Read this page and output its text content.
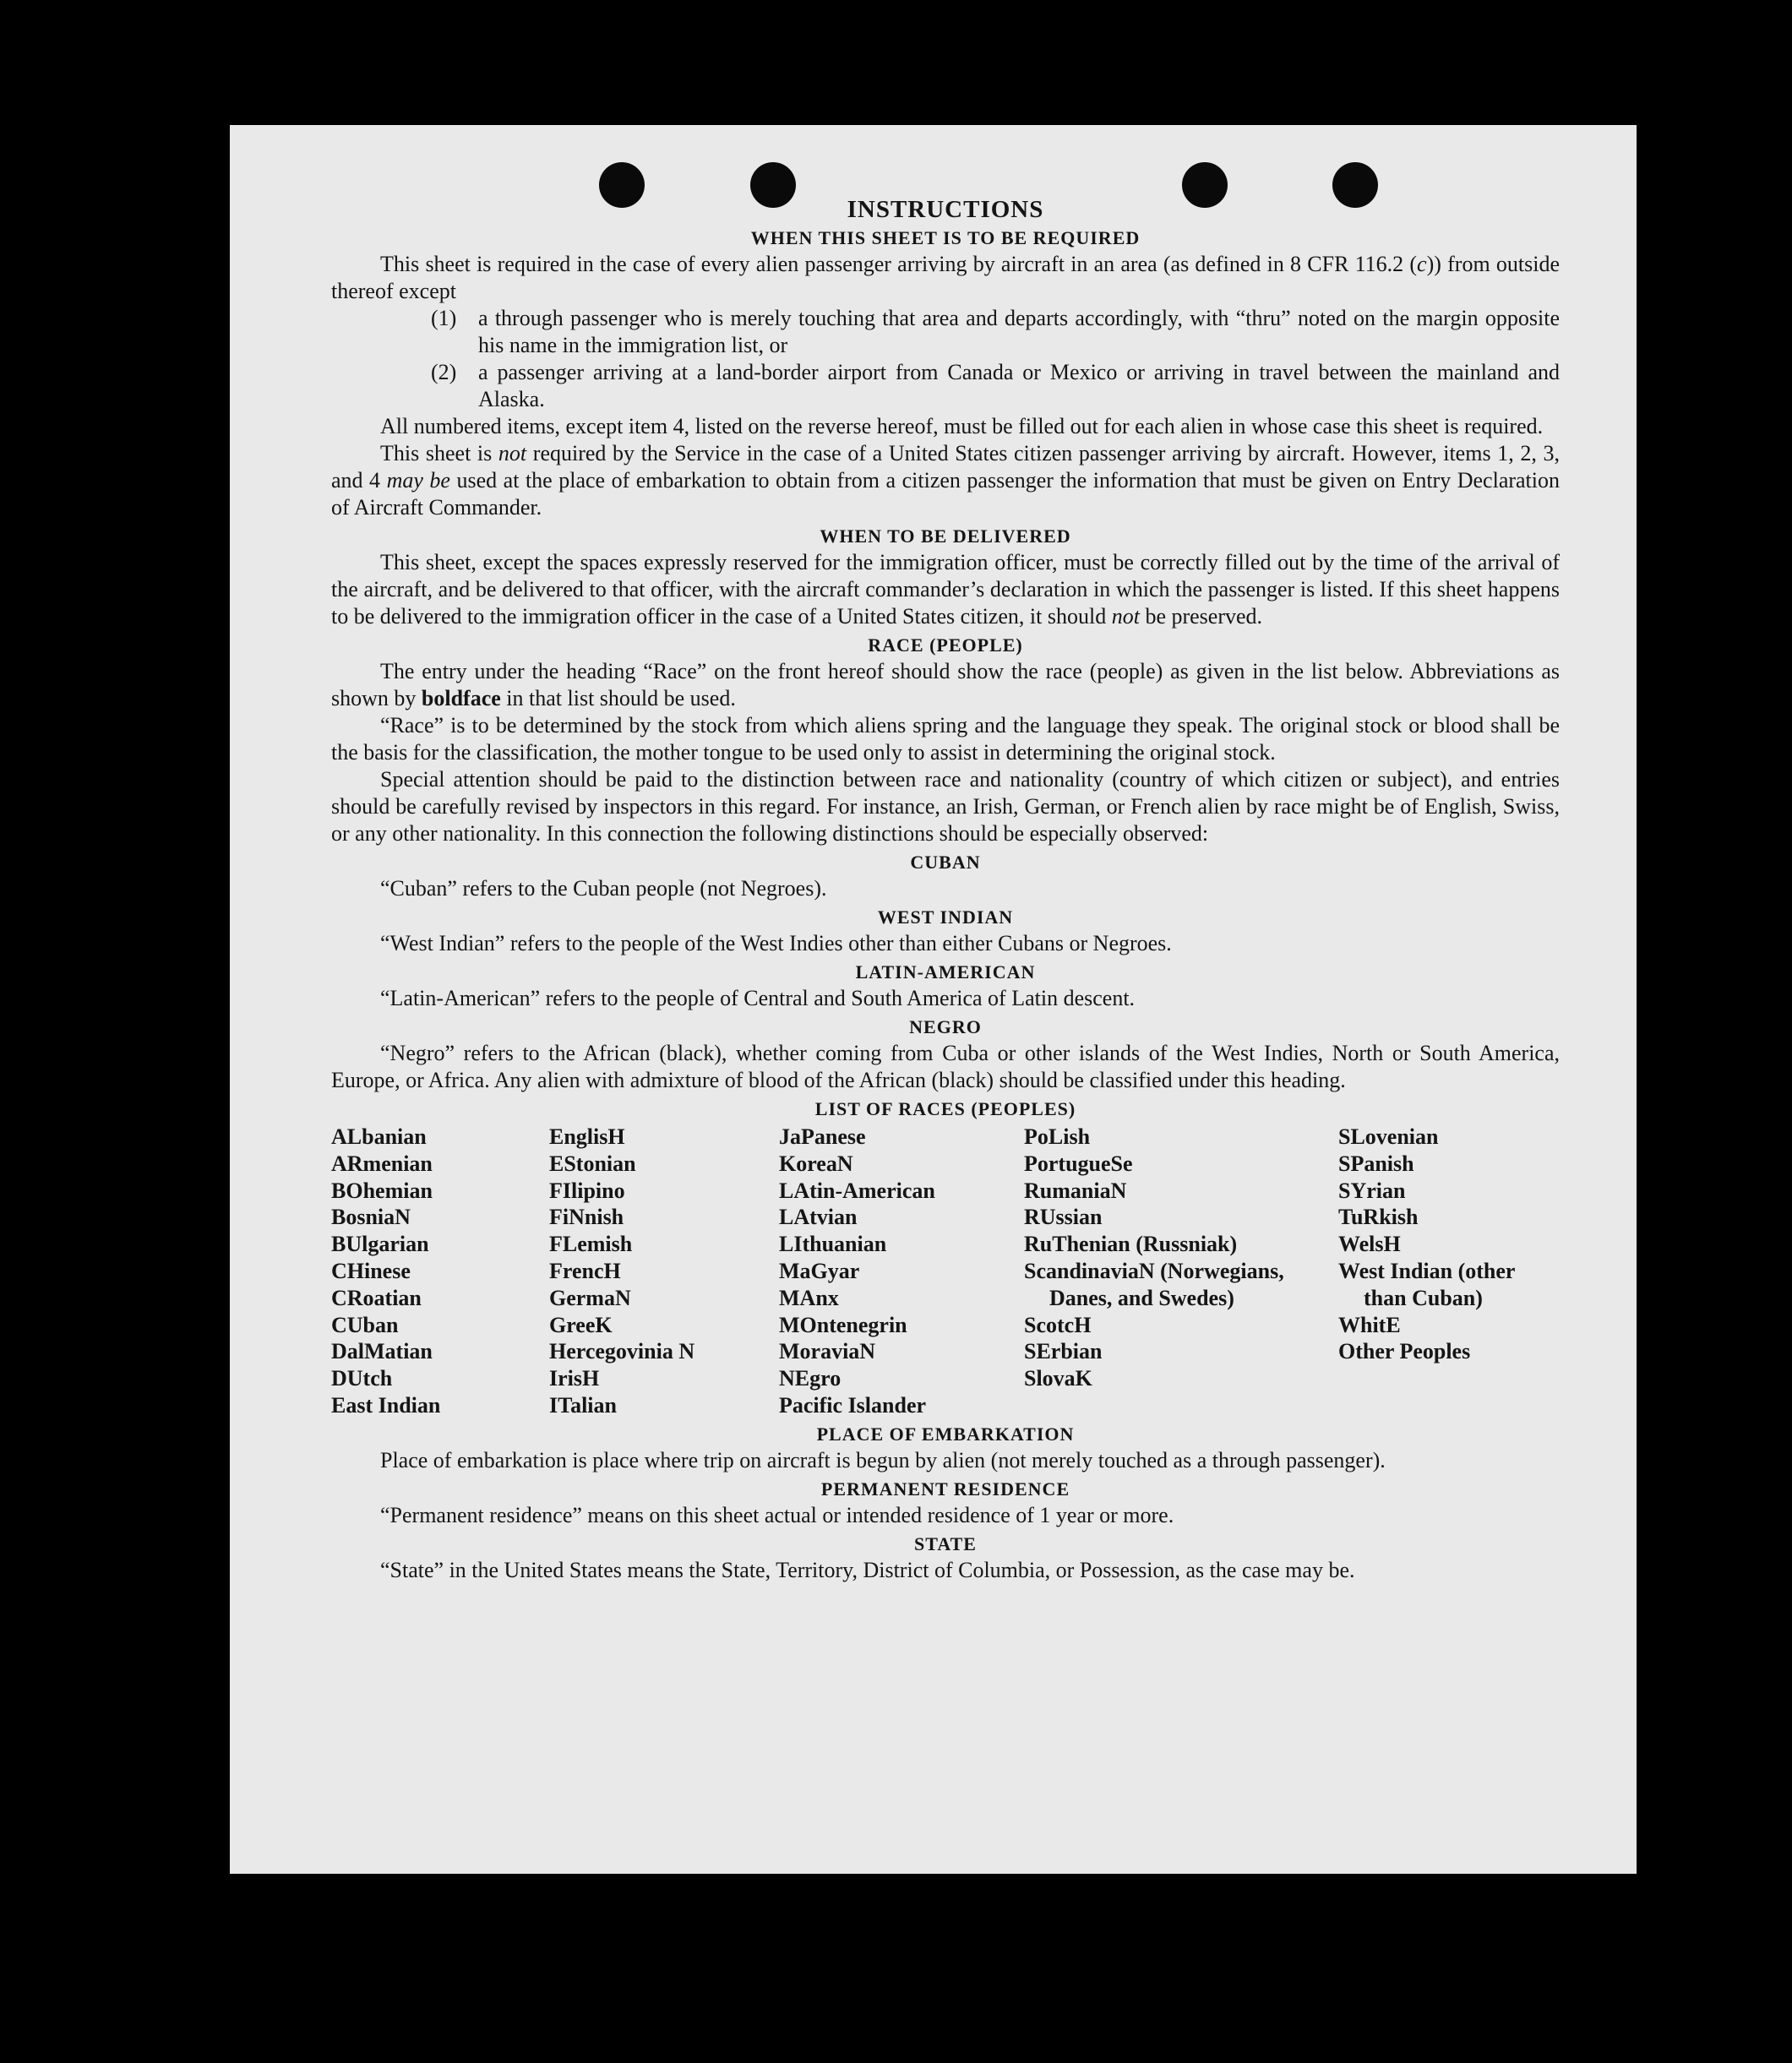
INSTRUCTIONS
WHEN THIS SHEET IS TO BE REQUIRED

This sheet is required in the case of every alien passenger arriving by aircraft in an area (as defined in 8 CFR 116.2 (c)) from outside thereof except

(1) a through passenger who is merely touching that area and departs accordingly, with “thru” noted on the margin opposite his name in the immigration list, or
(2) a passenger arriving at a land-border airport from Canada or Mexico or arriving in travel between the mainland and Alaska.

All numbered items, except item 4, listed on the reverse hereof, must be filled out for each alien in whose case this sheet is required.

This sheet is not required by the Service in the case of a United States citizen passenger arriving by aircraft. However, items 1, 2, 3, and 4 may be used at the place of embarkation to obtain from a citizen passenger the information that must be given on Entry Declaration of Aircraft Commander.

WHEN TO BE DELIVERED

This sheet, except the spaces expressly reserved for the immigration officer, must be correctly filled out by the time of the arrival of the aircraft, and be delivered to that officer, with the aircraft commander’s declaration in which the passenger is listed. If this sheet happens to be delivered to the immigration officer in the case of a United States citizen, it should not be preserved.

RACE (PEOPLE)

The entry under the heading “Race” on the front hereof should show the race (people) as given in the list below. Abbreviations as shown by boldface in that list should be used.

“Race” is to be determined by the stock from which aliens spring and the language they speak. The original stock or blood shall be the basis for the classification, the mother tongue to be used only to assist in determining the original stock.

Special attention should be paid to the distinction between race and nationality (country of which citizen or subject), and entries should be carefully revised by inspectors in this regard. For instance, an Irish, German, or French alien by race might be of English, Swiss, or any other nationality. In this connection the following distinctions should be especially observed:

CUBAN

“Cuban” refers to the Cuban people (not Negroes).

WEST INDIAN

“West Indian” refers to the people of the West Indies other than either Cubans or Negroes.

LATIN-AMERICAN

“Latin-American” refers to the people of Central and South America of Latin descent.

NEGRO

“Negro” refers to the African (black), whether coming from Cuba or other islands of the West Indies, North or South America, Europe, or Africa. Any alien with admixture of blood of the African (black) should be classified under this heading.

LIST OF RACES (PEOPLES)
ALbanian
ARmenian
BOhemian
BosniaN
BUlgarian
CHinese
CRoatian
CUban
DalMatian
DUtch
East Indian
EnglisH
EStonian
FIlipino
FiNnish
FLemish
FrencH
GermaN
GreeK
Hercegovinia N
IrisH
ITalian
JaPanese
KoreaN
LAtin-American
LAtvian
LIthuanian
MaGyar
MAnx
MOntenegrin
MoraviaN
NEgro
Pacific Islander
PoLish
PortugueSe
RumaniaN
RUssian
RuThenian (Russniak)
ScandinaviaN (Norwegians, Danes, and Swedes)
ScotcH
SErbian
SlovaK
SLovenian
SPanish
SYrian
TuRkish
WelsH
West Indian (other than Cuban)
WhitE
Other Peoples
PLACE OF EMBARKATION

Place of embarkation is place where trip on aircraft is begun by alien (not merely touched as a through passenger).

PERMANENT RESIDENCE

“Permanent residence” means on this sheet actual or intended residence of 1 year or more.

STATE

“State” in the United States means the State, Territory, District of Columbia, or Possession, as the case may be.
